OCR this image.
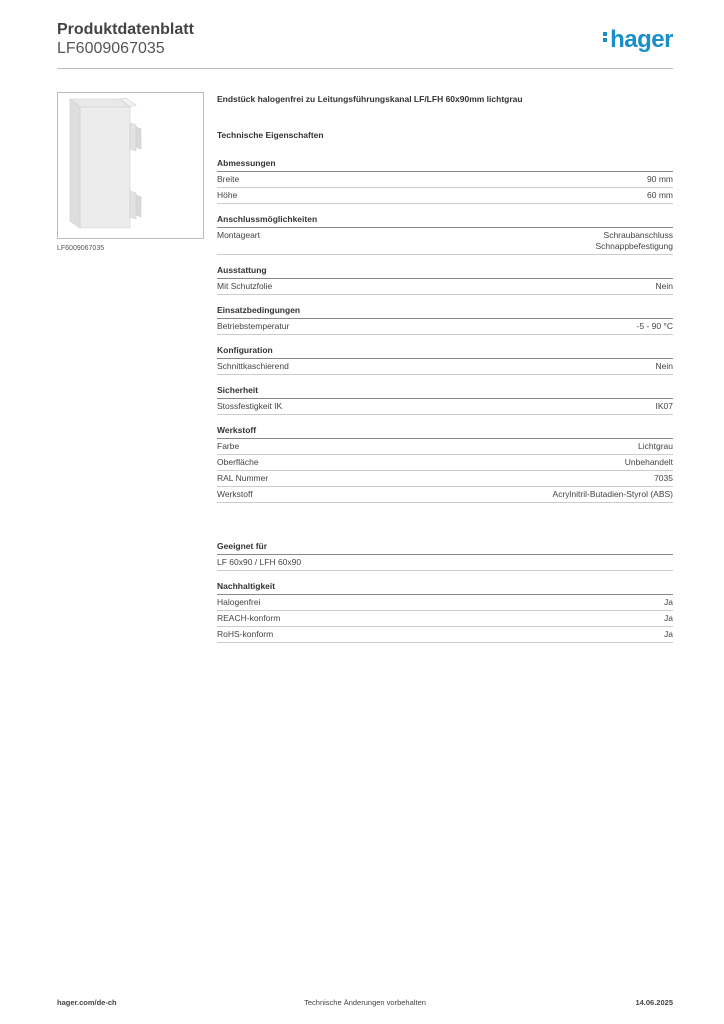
Produktdatenblatt
LF6009067035	hager
LF6009067035
Endstück halogenfrei zu Leitungsführungskanal LF/LFH 60x90mm lichtgrau
Technische Eigenschaften
Abmessungen
Breite	90 mm
Höhe	60 mm
Anschlussmöglichkeiten
Montageart	Schraubanschluss
Schnappbefestigung
Ausstattung
Mit Schutzfolie	Nein
Einsatzbedingungen
Betriebstemperatur	-5 - 90 °C
Konfiguration
Schnittkaschierend	Nein
Sicherheit
Stossfestigkeit IK	IK07
Werkstoff
Farbe	Lichtgrau
Oberfläche	Unbehandelt
RAL Nummer	7035
Werkstoff	Acrylnitril-Butadien-Styrol (ABS)
Geeignet für
LF 60x90 / LFH 60x90
Nachhaltigkeit
Halogenfrei	Ja
REACH-konform	Ja
RoHS-konform	Ja
hager.com/de-ch	Technische Änderungen vorbehalten	14.06.2025
